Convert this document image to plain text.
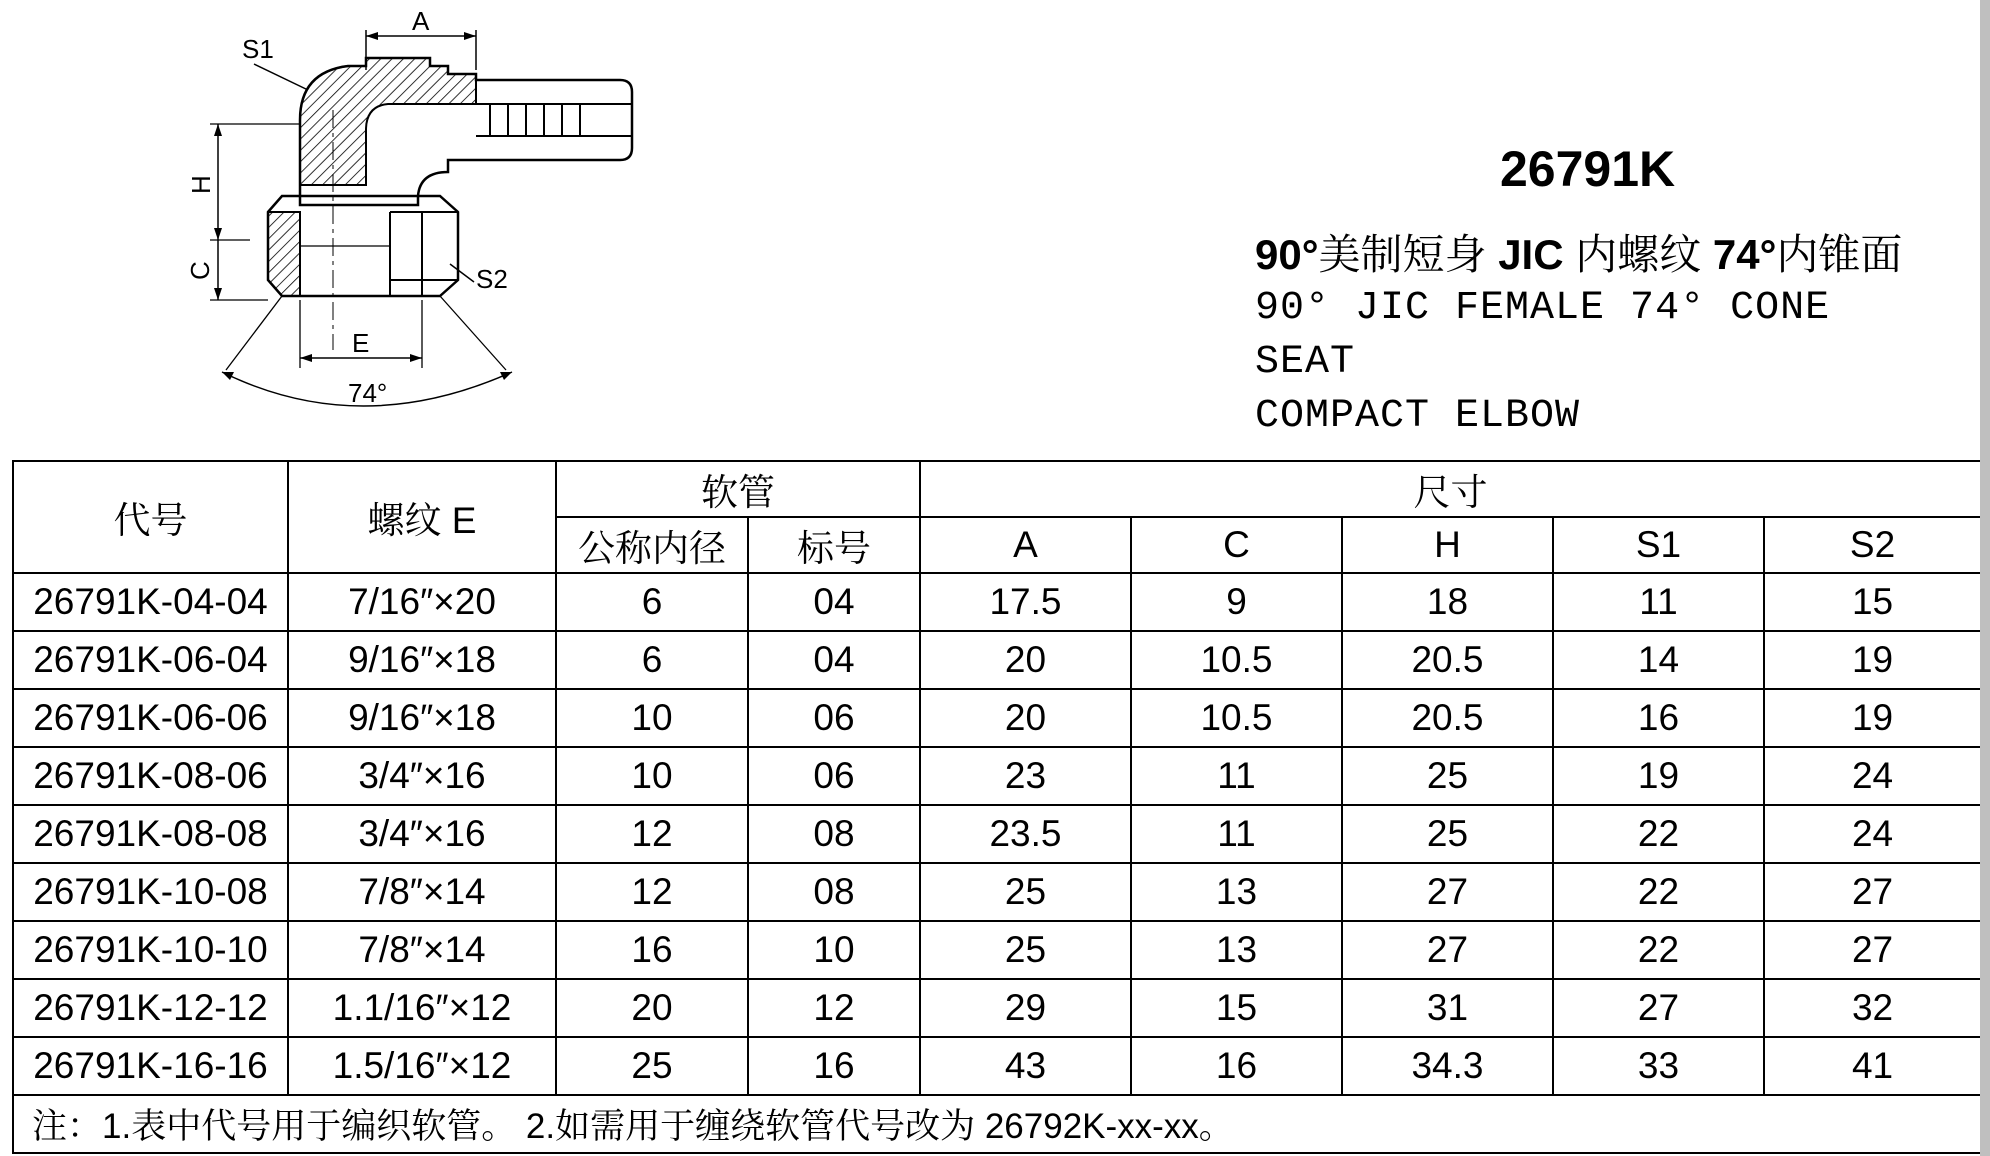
A
S1
H
C	S2
E
74°
26791K
90°美制短身 JIC 内螺纹 74°内锥面
90° JIC FEMALE 74° CONE SEAT
COMPACT ELBOW
代号	螺纹 E	软管		尺寸				
		公称内径	标号	A	C	H	S1	S2
26791K-04-04	7/16″×20	6	04	17.5	9	18	11	15
26791K-06-04	9/16″×18	6	04	20	10.5	20.5	14	19
26791K-06-06	9/16″×18	10	06	20	10.5	20.5	16	19
26791K-08-06	3/4″×16	10	06	23	11	25	19	24
26791K-08-08	3/4″×16	12	08	23.5	11	25	22	24
26791K-10-08	7/8″×14	12	08	25	13	27	22	27
26791K-10-10	7/8″×14	16	10	25	13	27	22	27
26791K-12-12	1.1/16″×12	20	12	29	15	31	27	32
26791K-16-16	1.5/16″×12	25	16	43	16	34.3	33	41
注：1.表中代号用于编织软管。 2.如需用于缠绕软管代号改为 26792K-xx-xx。								
